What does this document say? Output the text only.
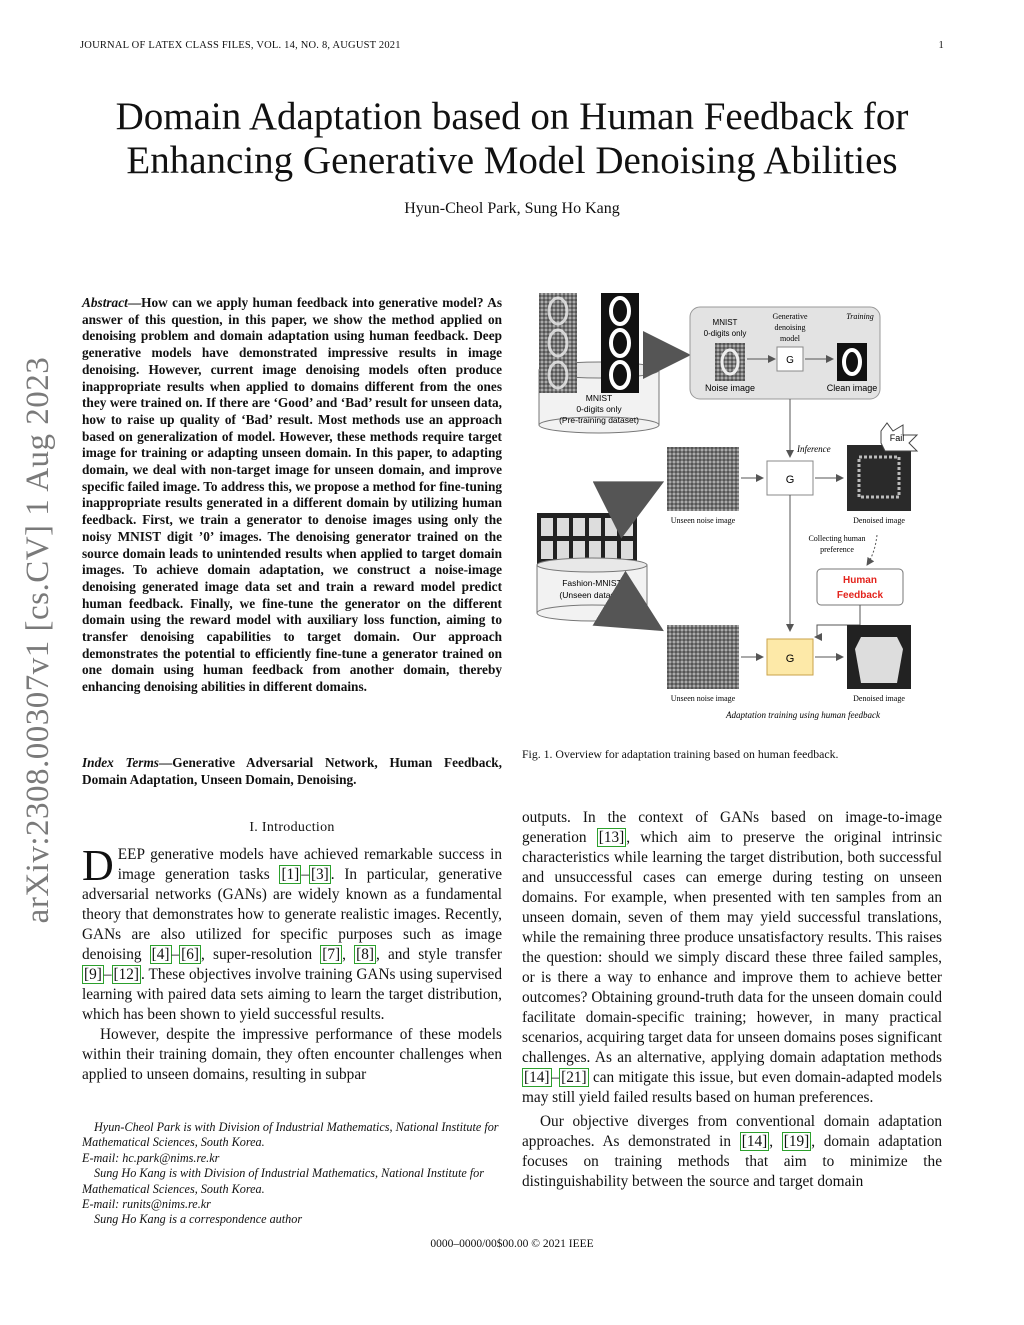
JOURNAL OF LATEX CLASS FILES, VOL. 14, NO. 8, AUGUST 2021	1
Domain Adaptation based on Human Feedback for Enhancing Generative Model Denoising Abilities
Hyun-Cheol Park, Sung Ho Kang
arXiv:2308.00307v1 [cs.CV] 1 Aug 2023
Abstract—How can we apply human feedback into generative model? As answer of this question, in this paper, we show the method applied on denoising problem and domain adaptation using human feedback. Deep generative models have demonstrated impressive results in image denoising. However, current image denoising models often produce inappropriate results when applied to domains different from the ones they were trained on. If there are ‘Good’ and ‘Bad’ result for unseen data, how to raise up quality of ‘Bad’ result. Most methods use an approach based on generalization of model. However, these methods require target image for training or adapting unseen domain. In this paper, to adapting domain, we deal with non-target image for unseen domain, and improve specific failed image. To address this, we propose a method for fine-tuning inappropriate results generated in a different domain by utilizing human feedback. First, we train a generator to denoise images using only the noisy MNIST digit ’0’ images. The denoising generator trained on the source domain leads to unintended results when applied to target domain images. To achieve domain adaptation, we construct a noise-image denoising generated image data set and train a reward model predict human feedback. Finally, we fine-tune the generator on the different domain using the reward model with auxiliary loss function, aiming to transfer denoising capabilities to target domain. Our approach demonstrates the potential to efficiently fine-tune a generator trained on one domain using human feedback from another domain, thereby enhancing denoising abilities in different domains.
Index Terms—Generative Adversarial Network, Human Feedback, Domain Adaptation, Unseen Domain, Denoising.
I. Introduction

DEEP generative models have achieved remarkable success in image generation tasks [1] – [3] . In particular, generative adversarial networks (GANs) are widely known as a fundamental theory that demonstrates how to generate realistic images. Recently, GANs are also utilized for specific purposes such as image denoising [4] – [6] , super-resolution [7] , [8] , and style transfer [9] – [12] . These objectives involve training GANs using supervised learning with paired data sets aiming to learn the target distribution, which has been shown to yield successful results.

However, despite the impressive performance of these models within their training domain, they often encounter challenges when applied to unseen domains, resulting in subpar

Hyun-Cheol Park is with Division of Industrial Mathematics, National Institute for Mathematical Sciences, South Korea.
E-mail: hc.park@nims.re.kr
Sung Ho Kang is with Division of Industrial Mathematics, National Institute for Mathematical Sciences, South Korea.
E-mail: runits@nims.re.kr
Sung Ho Kang is a correspondence author

outputs. In the context of GANs based on image-to-image generation [13] , which aim to preserve the original intrinsic characteristics while learning the target distribution, both successful and unsuccessful cases can emerge during testing on unseen domains. For example, when presented with ten samples from an unseen domain, seven of them may yield successful translations, while the remaining three produce unsatisfactory results. This raises the question: should we simply discard these three failed samples, or is there a way to enhance and improve them to achieve better outcomes? Obtaining ground-truth data for the unseen domain could facilitate domain-specific training; however, in many practical scenarios, acquiring target data for unseen domains poses significant challenges. As an alternative, applying domain adaptation methods [14] – [21] can mitigate this issue, but even domain-adapted models may still yield failed results based on human preferences.

Our objective diverges from conventional domain adaptation approaches. As demonstrated in [14] , [19] , domain adaptation focuses on training methods that aim to minimize the distinguishability between the source and target domain

MNIST
0-digits only
(Pre-training dataset)
MNIST
0-digits only
Generative
denoising
model
Training
G
Noise image	Clean image
Inference
Fashion-MNIST
(Unseen dataset)
Unseen noise image
G
Fail
Denoised image
Collecting human
preference
Human
Feedback
Unseen noise image
G
Denoised image
Adaptation training using human feedback
Fig. 1. Overview for adaptation training based on human feedback.
0000–0000/00$00.00 © 2021 IEEE
